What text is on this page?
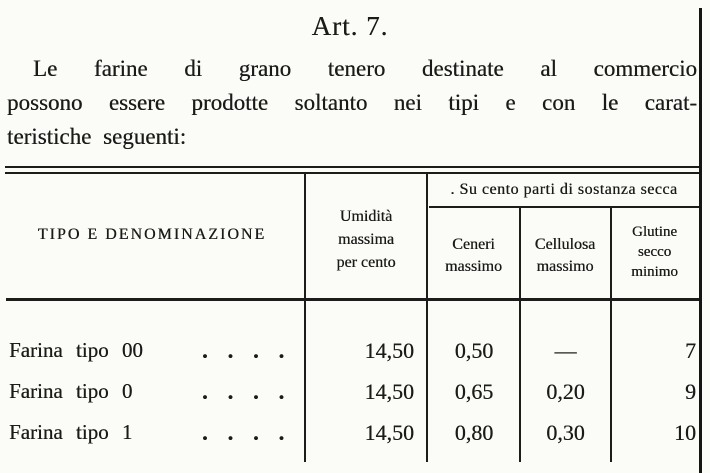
Art. 7.
Le farine di grano tenero destinate al commercio
possono essere prodotte soltanto nei tipi e con le carat-
teristiche seguenti:
TIPO E DENOMINAZIONE
Umidità
massima
per cento
. Su cento parti di sostanza secca
Ceneri
massimo
Cellulosa
massimo
Glutine
secco
minimo
Farina tipo 00	. . . .	14,50	0,50	—	7
Farina tipo 0	. . . .	14,50	0,65	0,20	9
Farina tipo 1	. . . .	14,50	0,80	0,30	10
